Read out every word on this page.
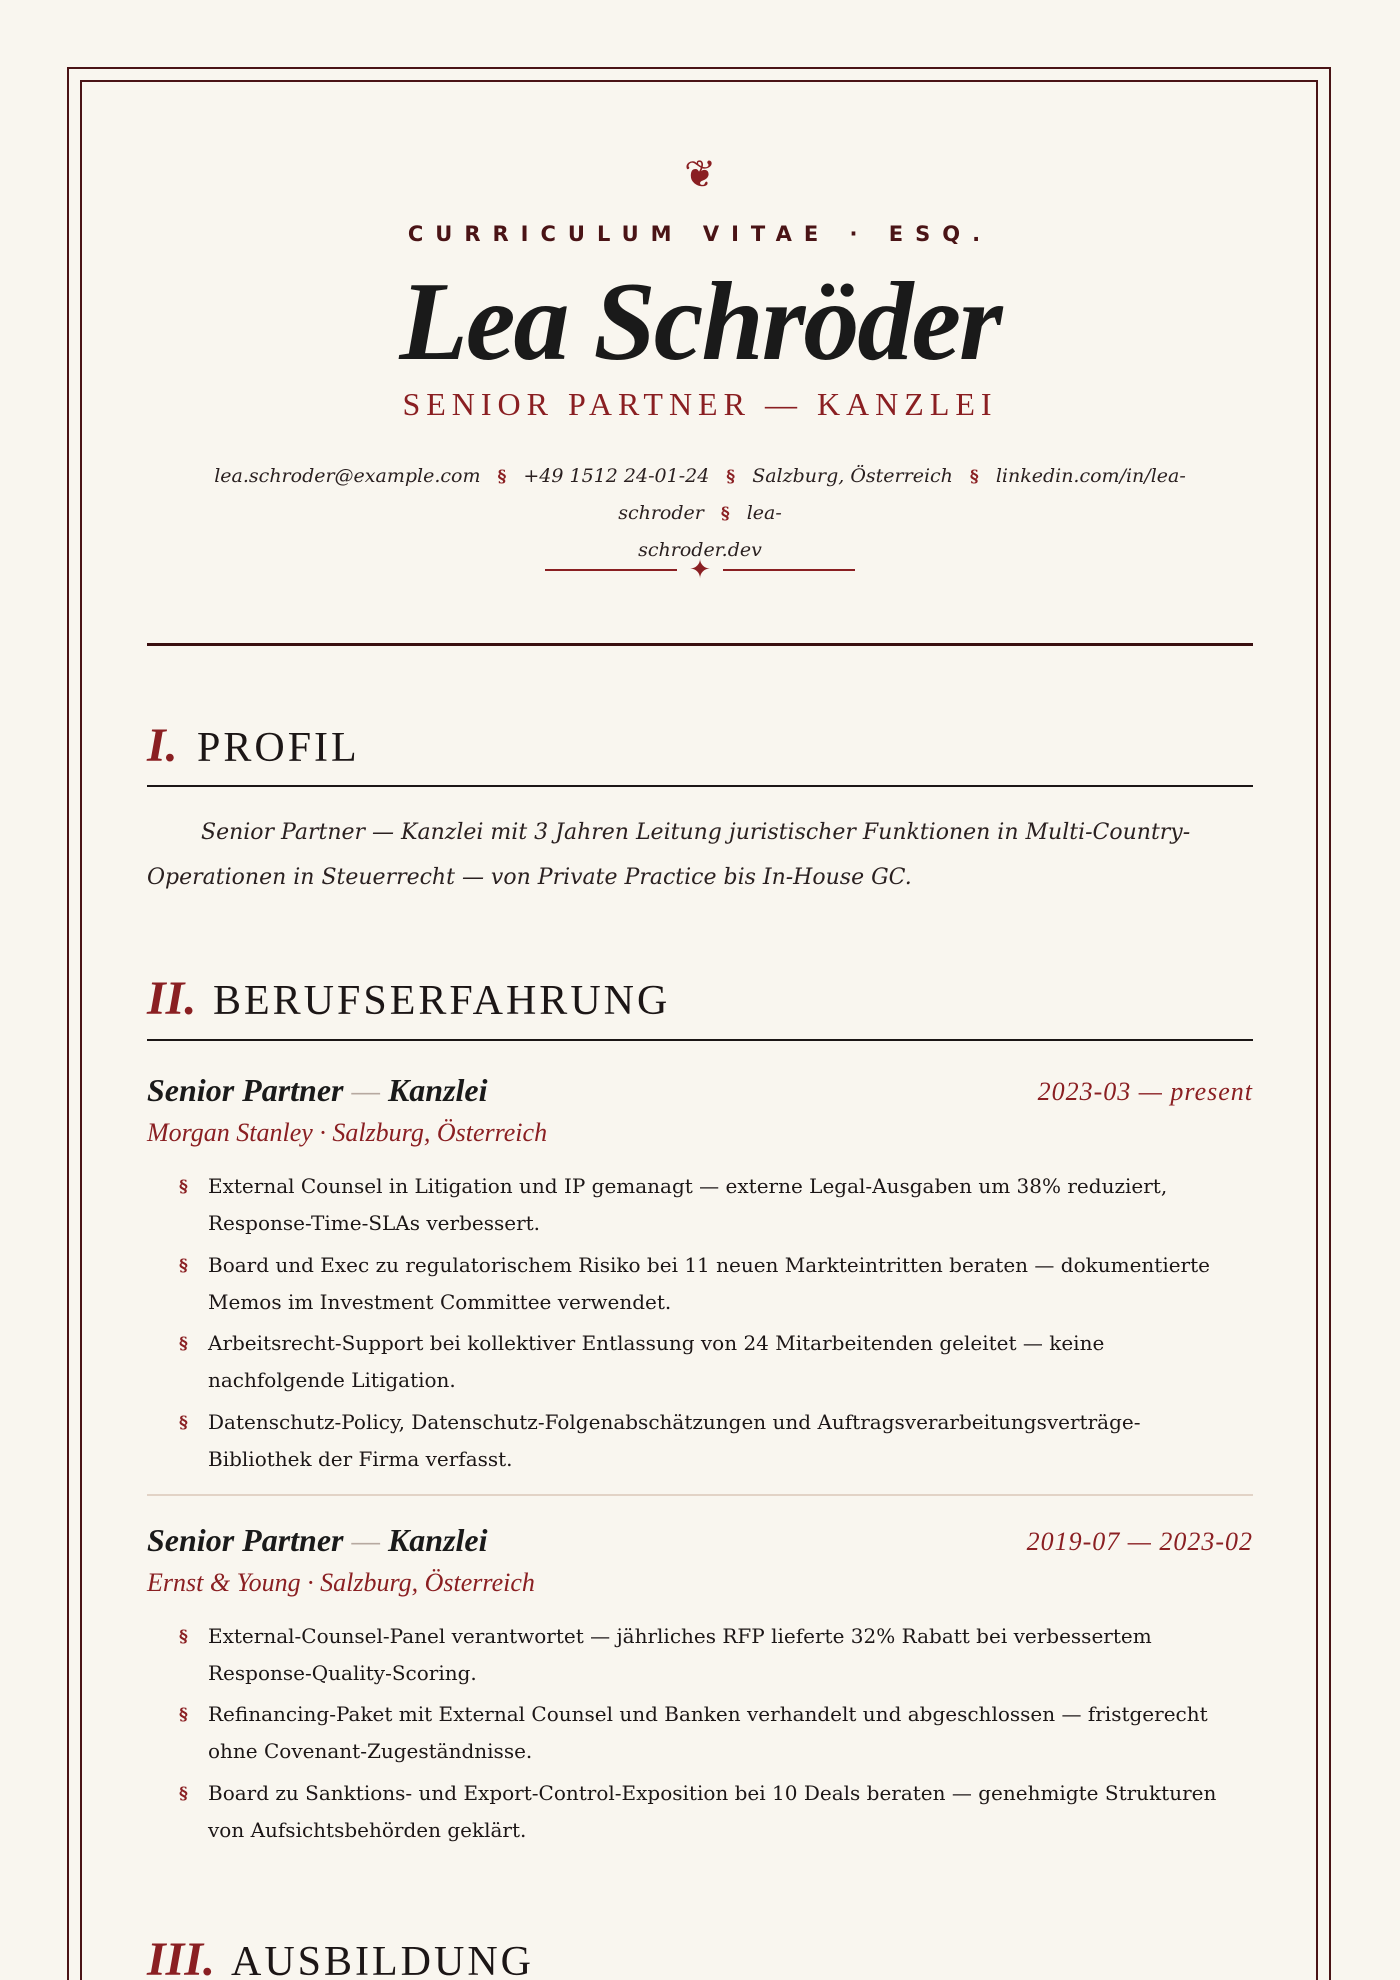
❦
CURRICULUM VITAE · ESQ.
Lea Schröder
SENIOR PARTNER — KANZLEI
lea.schroder@example.com § +49 1512 24-01-24 § Salzburg, Österreich § linkedin.com/in/lea-schroder § lea-
schroder.dev
✦
I. PROFIL
Senior Partner — Kanzlei mit 3 Jahren Leitung juristischer Funktionen in Multi-Country-Operationen in Steuerrecht — von Private Practice bis In-House GC.
II. BERUFSERFAHRUNG
Senior Partner — Kanzlei	2023-03 — present
Morgan Stanley · Salzburg, Österreich
§ External Counsel in Litigation und IP gemanagt — externe Legal-Ausgaben um 38% reduziert, Response-Time-SLAs verbessert.
§ Board und Exec zu regulatorischem Risiko bei 11 neuen Markteintritten beraten — dokumentierte Memos im Investment Committee verwendet.
§ Arbeitsrecht-Support bei kollektiver Entlassung von 24 Mitarbeitenden geleitet — keine nachfolgende Litigation.
§ Datenschutz-Policy, Datenschutz-Folgenabschätzungen und Auftragsverarbeitungsverträge-Bibliothek der Firma verfasst.
Senior Partner — Kanzlei	2019-07 — 2023-02
Ernst & Young · Salzburg, Österreich
§ External-Counsel-Panel verantwortet — jährliches RFP lieferte 32% Rabatt bei verbessertem Response-Quality-Scoring.
§ Refinancing-Paket mit External Counsel und Banken verhandelt und abgeschlossen — fristgerecht ohne Covenant-Zugeständnisse.
§ Board zu Sanktions- und Export-Control-Exposition bei 10 Deals beraten — genehmigte Strukturen von Aufsichtsbehörden geklärt.
III. AUSBILDUNG
